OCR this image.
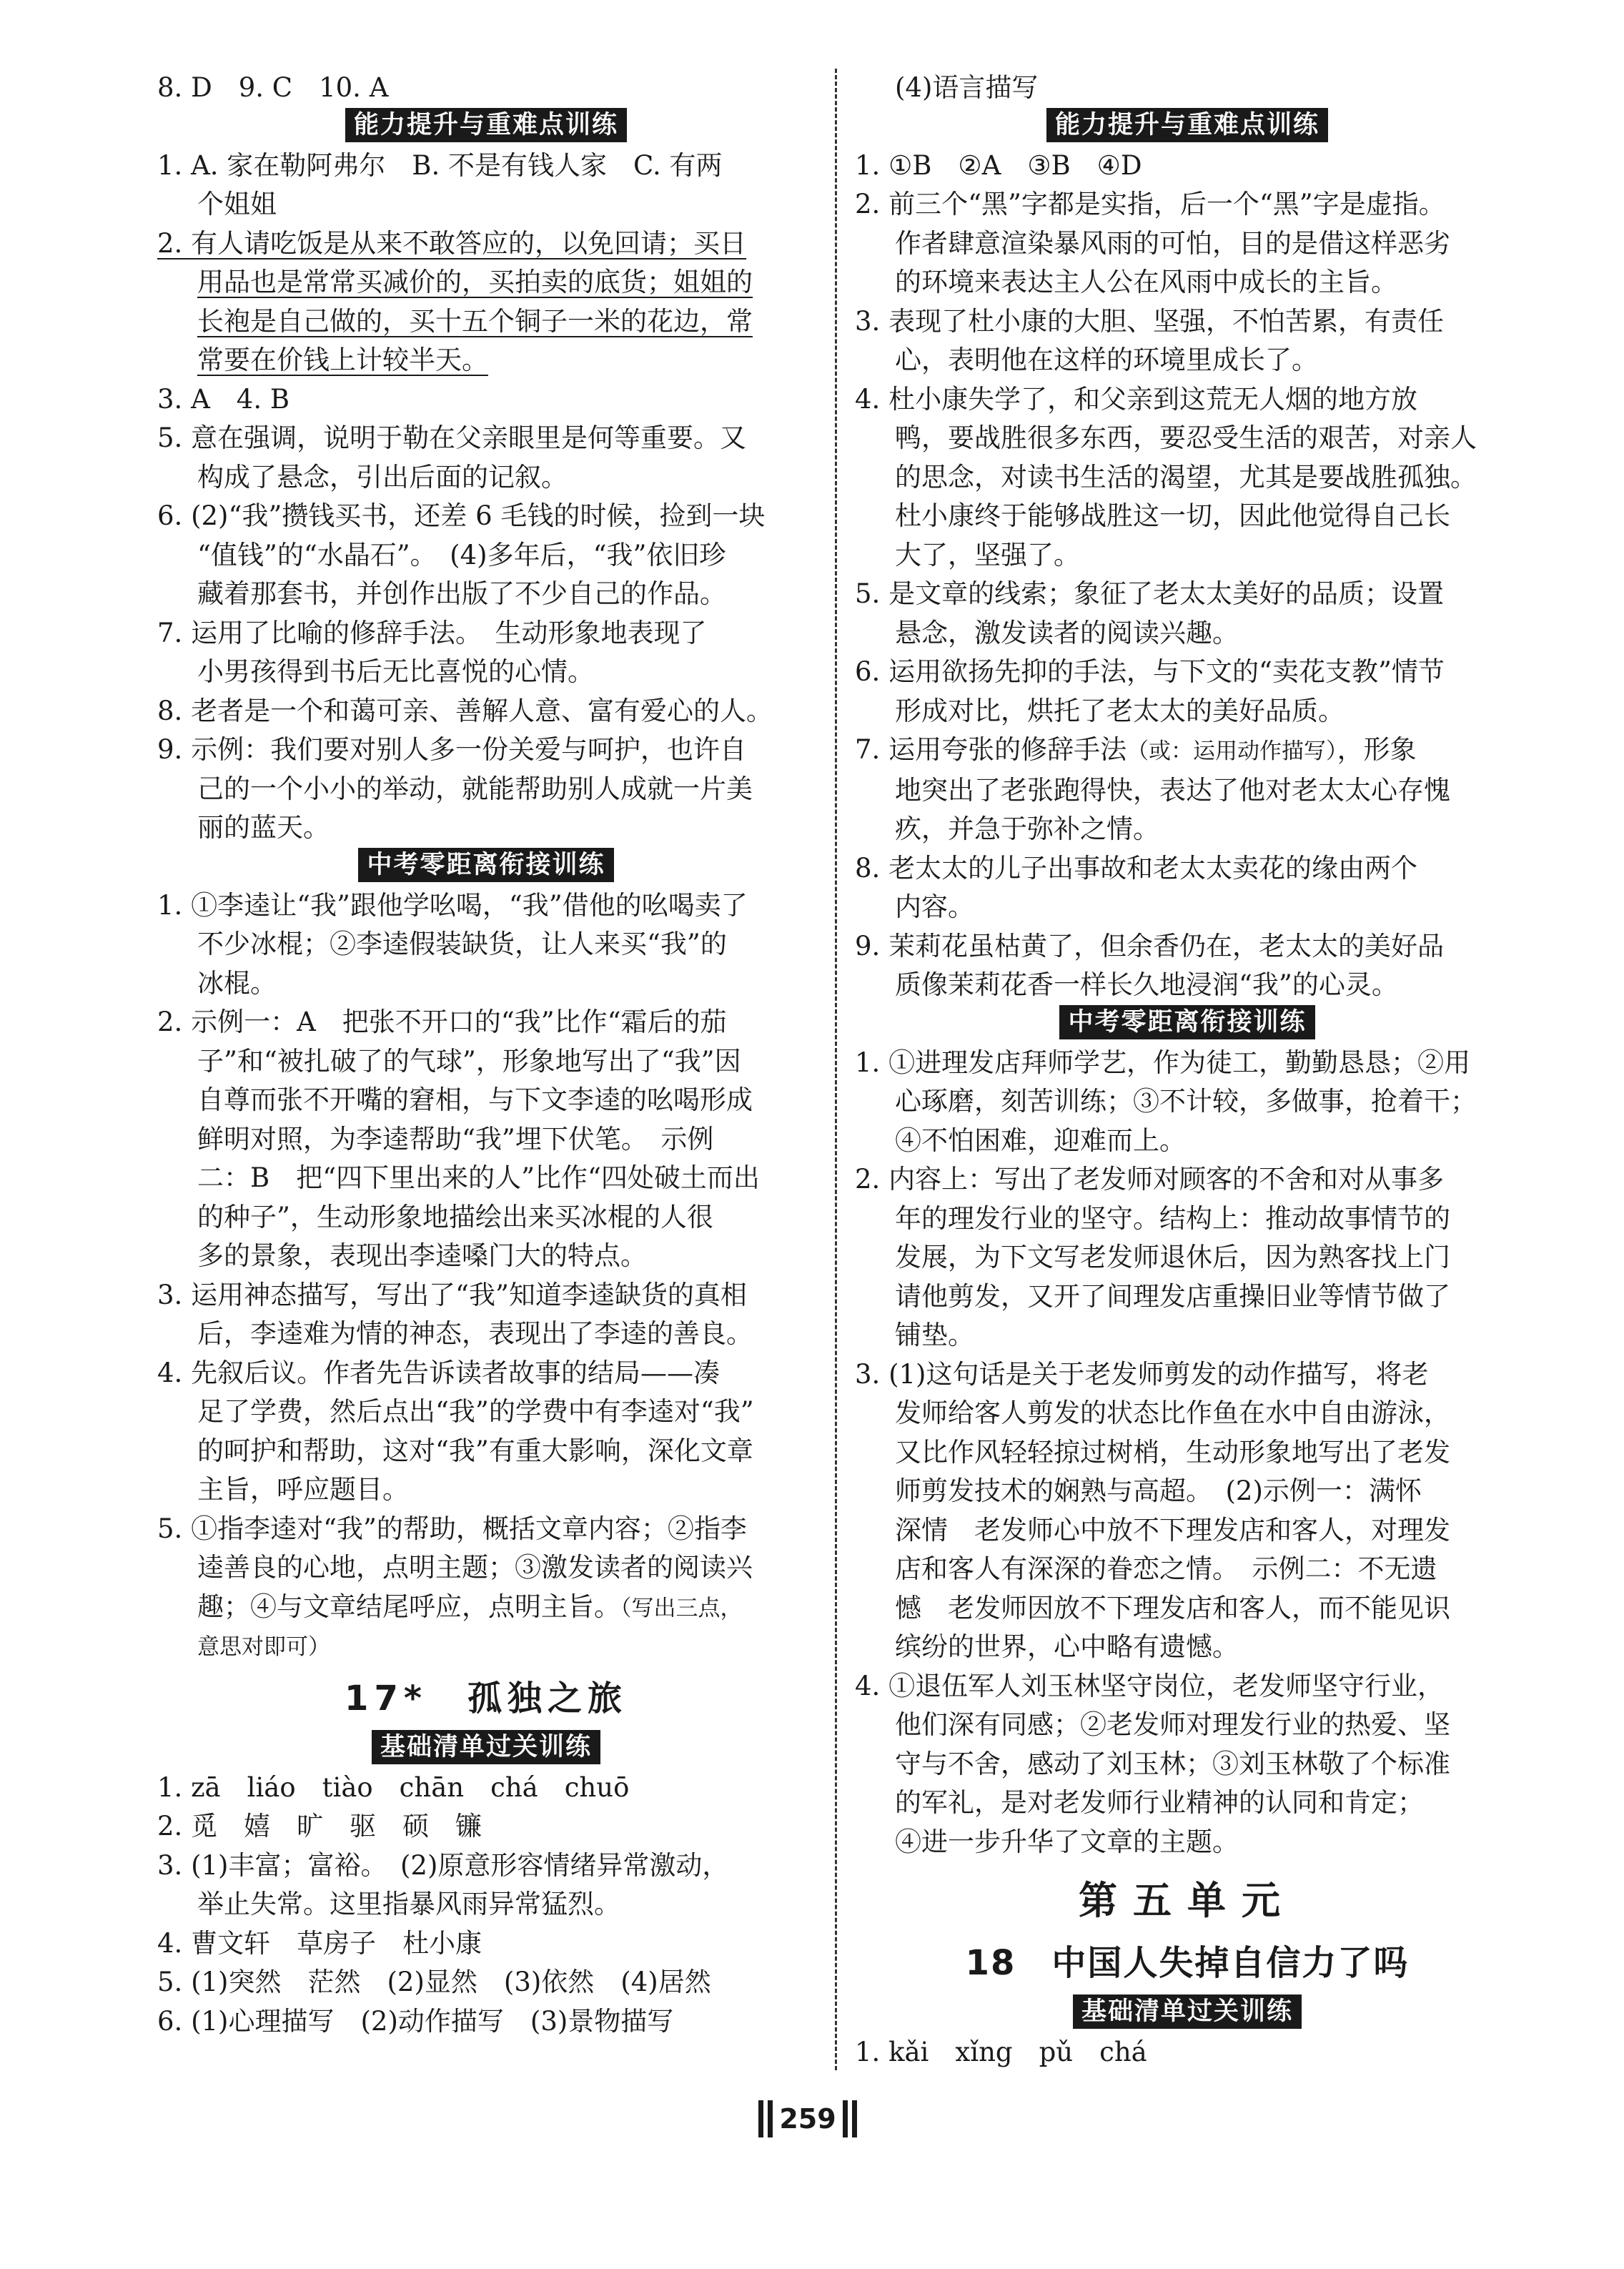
8. D　9. C　10. A
能力提升与重难点训练
1. A. 家在勒阿弗尔　B. 不是有钱人家　C. 有两
个姐姐
2. 有人请吃饭是从来不敢答应的，以免回请；买日
用品也是常常买减价的，买拍卖的底货；姐姐的
长袍是自己做的，买十五个铜子一米的花边，常
常要在价钱上计较半天。
3. A　4. B
5. 意在强调，说明于勒在父亲眼里是何等重要。又
构成了悬念，引出后面的记叙。
6. (2)“我”攒钱买书，还差 6 毛钱的时候，捡到一块
“值钱”的“水晶石”。　(4)多年后，“我”依旧珍
藏着那套书，并创作出版了不少自己的作品。
7. 运用了比喻的修辞手法。　生动形象地表现了
小男孩得到书后无比喜悦的心情。
8. 老者是一个和蔼可亲、善解人意、富有爱心的人。
9. 示例：我们要对别人多一份关爱与呵护，也许自
己的一个小小的举动，就能帮助别人成就一片美
丽的蓝天。
中考零距离衔接训练
1. ①李逵让“我”跟他学吆喝，“我”借他的吆喝卖了
不少冰棍；②李逵假装缺货，让人来买“我”的
冰棍。
2. 示例一：A　把张不开口的“我”比作“霜后的茄
子”和“被扎破了的气球”，形象地写出了“我”因
自尊而张不开嘴的窘相，与下文李逵的吆喝形成
鲜明对照，为李逵帮助“我”埋下伏笔。　示例
二：B　把“四下里出来的人”比作“四处破土而出
的种子”，生动形象地描绘出来买冰棍的人很
多的景象，表现出李逵嗓门大的特点。
3. 运用神态描写，写出了“我”知道李逵缺货的真相
后，李逵难为情的神态，表现出了李逵的善良。
4. 先叙后议。作者先告诉读者故事的结局——凑
足了学费，然后点出“我”的学费中有李逵对“我”
的呵护和帮助，这对“我”有重大影响，深化文章
主旨，呼应题目。
5. ①指李逵对“我”的帮助，概括文章内容；②指李
逵善良的心地，点明主题；③激发读者的阅读兴
趣；④与文章结尾呼应，点明主旨。（写出三点，
意思对即可）
17*　孤独之旅
基础清单过关训练
1. zā　liáo　tiào　chān　chá　chuō
2. 觅　嬉　旷　驱　硕　镰
3. (1)丰富；富裕。　(2)原意形容情绪异常激动，
举止失常。这里指暴风雨异常猛烈。
4. 曹文轩　草房子　杜小康
5. (1)突然　茫然　(2)显然　(3)依然　(4)居然
6. (1)心理描写　(2)动作描写　(3)景物描写
(4)语言描写
能力提升与重难点训练
1. ①B　②A　③B　④D
2. 前三个“黑”字都是实指，后一个“黑”字是虚指。
作者肆意渲染暴风雨的可怕，目的是借这样恶劣
的环境来表达主人公在风雨中成长的主旨。
3. 表现了杜小康的大胆、坚强，不怕苦累，有责任
心，表明他在这样的环境里成长了。
4. 杜小康失学了，和父亲到这荒无人烟的地方放
鸭，要战胜很多东西，要忍受生活的艰苦，对亲人
的思念，对读书生活的渴望，尤其是要战胜孤独。
杜小康终于能够战胜这一切，因此他觉得自己长
大了，坚强了。
5. 是文章的线索；象征了老太太美好的品质；设置
悬念，激发读者的阅读兴趣。
6. 运用欲扬先抑的手法，与下文的“卖花支教”情节
形成对比，烘托了老太太的美好品质。
7. 运用夸张的修辞手法（或：运用动作描写），形象
地突出了老张跑得快，表达了他对老太太心存愧
疚，并急于弥补之情。
8. 老太太的儿子出事故和老太太卖花的缘由两个
内容。
9. 茉莉花虽枯黄了，但余香仍在，老太太的美好品
质像茉莉花香一样长久地浸润“我”的心灵。
中考零距离衔接训练
1. ①进理发店拜师学艺，作为徒工，勤勤恳恳；②用
心琢磨，刻苦训练；③不计较，多做事，抢着干；
④不怕困难，迎难而上。
2. 内容上：写出了老发师对顾客的不舍和对从事多
年的理发行业的坚守。结构上：推动故事情节的
发展，为下文写老发师退休后，因为熟客找上门
请他剪发，又开了间理发店重操旧业等情节做了
铺垫。
3. (1)这句话是关于老发师剪发的动作描写，将老
发师给客人剪发的状态比作鱼在水中自由游泳，
又比作风轻轻掠过树梢，生动形象地写出了老发
师剪发技术的娴熟与高超。　(2)示例一：满怀
深情　老发师心中放不下理发店和客人，对理发
店和客人有深深的眷恋之情。　示例二：不无遗
憾　老发师因放不下理发店和客人，而不能见识
缤纷的世界，心中略有遗憾。
4. ①退伍军人刘玉林坚守岗位，老发师坚守行业，
他们深有同感；②老发师对理发行业的热爱、坚
守与不舍，感动了刘玉林；③刘玉林敬了个标准
的军礼，是对老发师行业精神的认同和肯定；
④进一步升华了文章的主题。
第五单元
18　中国人失掉自信力了吗
基础清单过关训练
1. kǎi　xǐng　pǔ　chá
259
